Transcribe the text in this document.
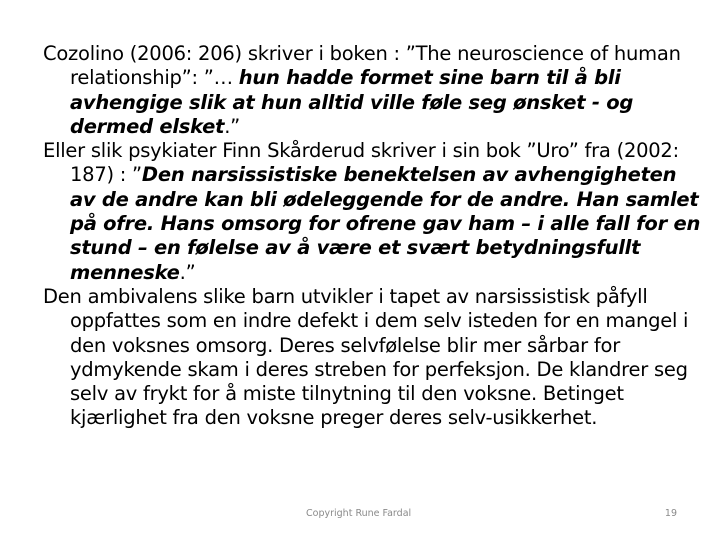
Cozolino (2006: 206) skriver i boken : ”The neuroscience of human relationship”: ”… hun hadde formet sine barn til å bli avhengige slik at hun alltid ville føle seg ønsket - og dermed elsket.”

Eller slik psykiater Finn Skårderud skriver i sin bok ”Uro” fra (2002: 187) : ”Den narsissistiske benektelsen av avhengigheten av de andre kan bli ødeleggende for de andre. Han samlet på ofre. Hans omsorg for ofrene gav ham – i alle fall for en stund – en følelse av å være et svært betydningsfullt menneske.”

Den ambivalens slike barn utvikler i tapet av narsissistisk påfyll oppfattes som en indre defekt i dem selv isteden for en mangel i den voksnes omsorg. Deres selvfølelse blir mer sårbar for ydmykende skam i deres streben for perfeksjon. De klandrer seg selv av frykt for å miste tilnytning til den voksne. Betinget kjærlighet fra den voksne preger deres selv-usikkerhet.

Copyright Rune Fardal	19
